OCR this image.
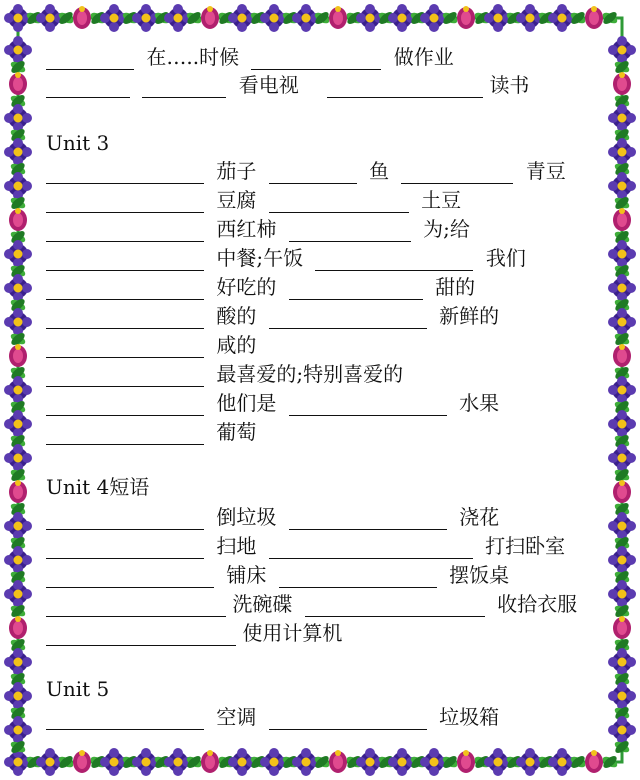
在…..时候	做作业
看电视	读书
Unit 3
茄子	鱼	青豆
豆腐	土豆
西红柿	为;给
中餐;午饭	我们
好吃的	甜的
酸的	新鲜的
咸的
最喜爱的;特别喜爱的
他们是	水果
葡萄
Unit 4短语
倒垃圾	浇花
扫地	打扫卧室
铺床	摆饭桌
洗碗碟	收拾衣服
使用计算机
Unit 5
空调	垃圾箱
